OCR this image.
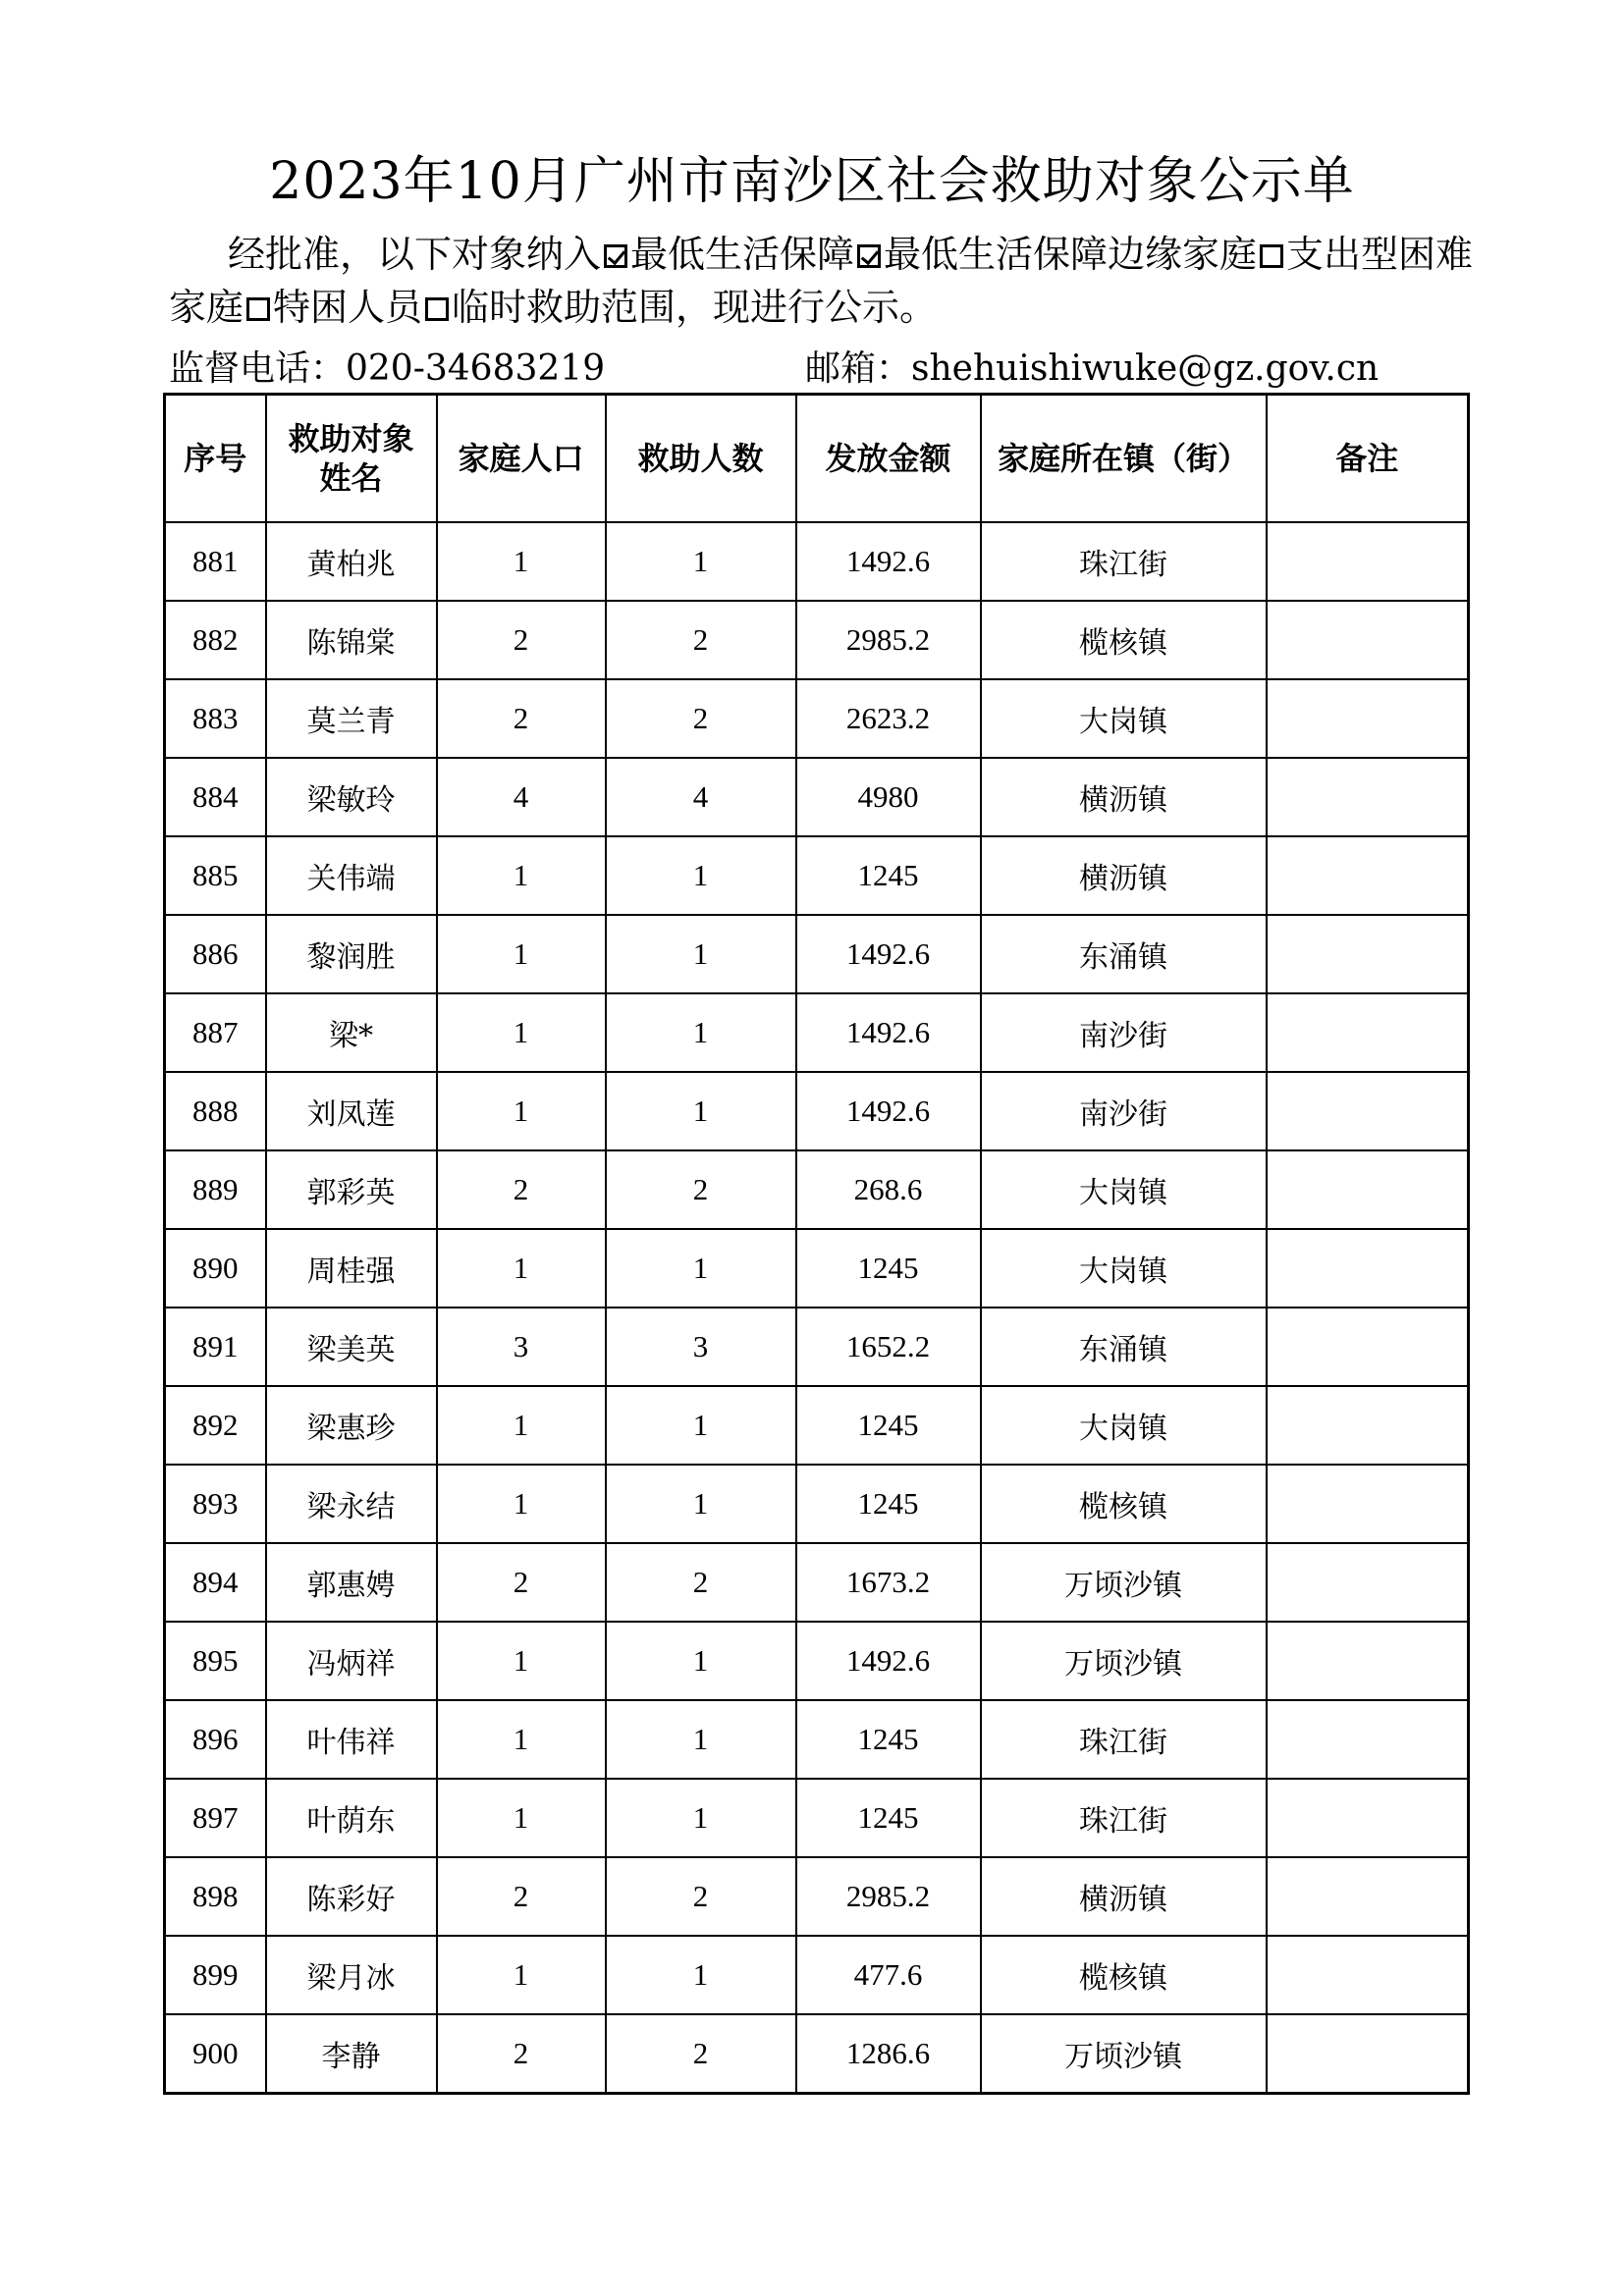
2023年10月广州市南沙区社会救助对象公示单
经批准，以下对象纳入 最低生活保障 最低生活保障边缘家庭 支出型困难家庭 特困人员 临时救助范围，现进行公示。
监督电话：020-34683219	邮箱：shehuishiwuke@gz.gov.cn
序号	救助对象姓名	家庭人口	救助人数	发放金额	家庭所在镇（街）	备注
881	黄柏兆	1	1	1492.6	珠江街	
882	陈锦棠	2	2	2985.2	榄核镇	
883	莫兰青	2	2	2623.2	大岗镇	
884	梁敏玲	4	4	4980	横沥镇	
885	关伟端	1	1	1245	横沥镇	
886	黎润胜	1	1	1492.6	东涌镇	
887	梁*	1	1	1492.6	南沙街	
888	刘凤莲	1	1	1492.6	南沙街	
889	郭彩英	2	2	268.6	大岗镇	
890	周桂强	1	1	1245	大岗镇	
891	梁美英	3	3	1652.2	东涌镇	
892	梁惠珍	1	1	1245	大岗镇	
893	梁永结	1	1	1245	榄核镇	
894	郭惠娉	2	2	1673.2	万顷沙镇	
895	冯炳祥	1	1	1492.6	万顷沙镇	
896	叶伟祥	1	1	1245	珠江街	
897	叶荫东	1	1	1245	珠江街	
898	陈彩好	2	2	2985.2	横沥镇	
899	梁月冰	1	1	477.6	榄核镇	
900	李静	2	2	1286.6	万顷沙镇	
